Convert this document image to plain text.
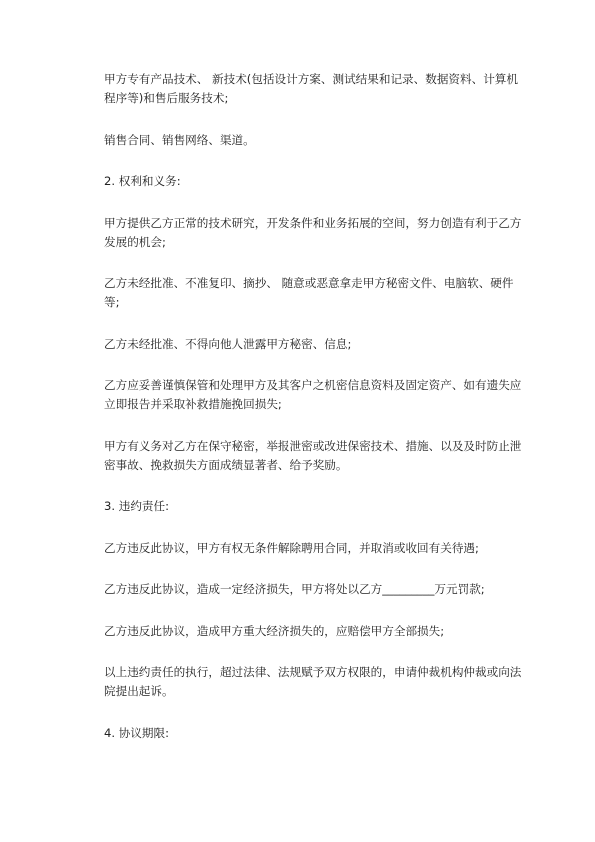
甲方专有产品技术、 新技术(包括设计方案、测试结果和记录、数据资料、计算机程序等)和售后服务技术;

销售合同、销售网络、渠道。

2. 权利和义务:

甲方提供乙方正常的技术研究，开发条件和业务拓展的空间，努力创造有利于乙方发展的机会;

乙方未经批准、不准复印、摘抄、 随意或恶意拿走甲方秘密文件、电脑软、硬件等;

乙方未经批准、不得向他人泄露甲方秘密、信息;

乙方应妥善谨慎保管和处理甲方及其客户之机密信息资料及固定资产、如有遗失应立即报告并采取补救措施挽回损失;

甲方有义务对乙方在保守秘密，举报泄密或改进保密技术、措施、以及及时防止泄密事故、挽救损失方面成绩显著者、给予奖励。

3. 违约责任:

乙方违反此协议，甲方有权无条件解除聘用合同，并取消或收回有关待遇;

乙方违反此协议，造成一定经济损失，甲方将处以乙方_________万元罚款;

乙方违反此协议，造成甲方重大经济损失的，应赔偿甲方全部损失;

以上违约责任的执行，超过法律、法规赋予双方权限的，申请仲裁机构仲裁或向法院提出起诉。

4. 协议期限:
